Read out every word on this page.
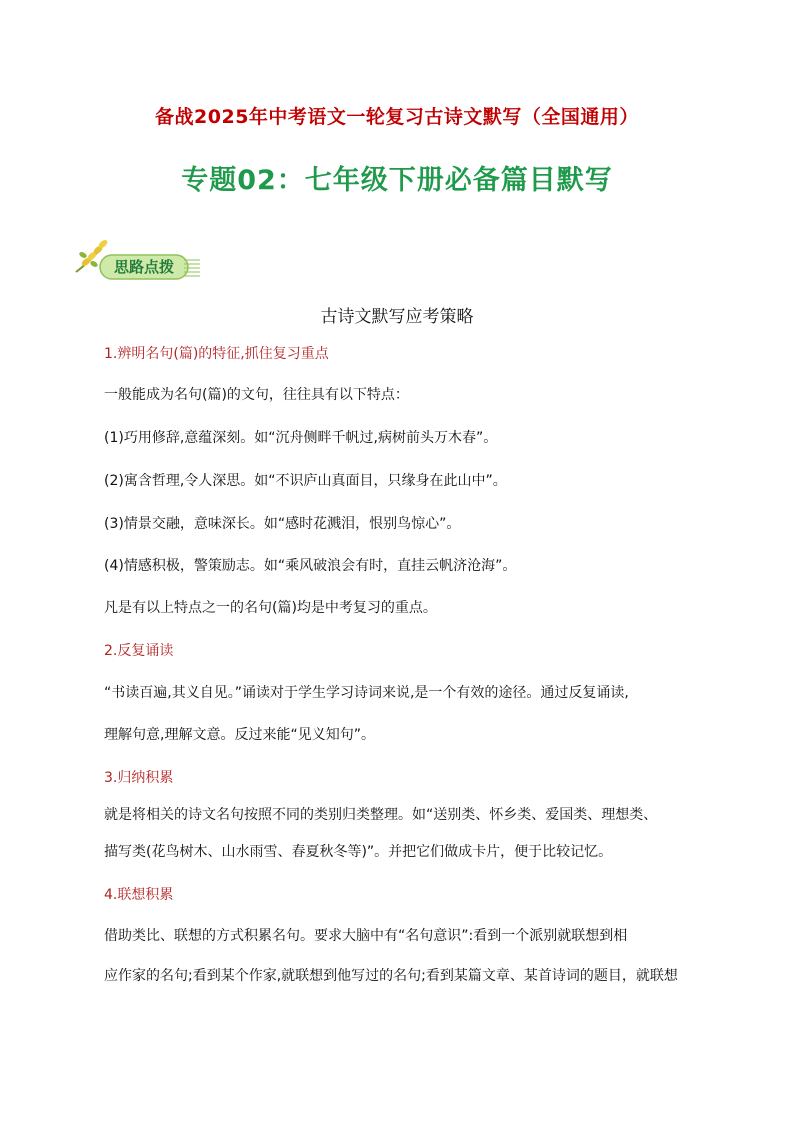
备战2025年中考语文一轮复习古诗文默写（全国通用）
专题02：七年级下册必备篇目默写
思路点拨
古诗文默写应考策略
1.辨明名句(篇)的特征,抓住复习重点
一般能成为名句(篇)的文句，往往具有以下特点：
(1)巧用修辞,意蕴深刻。如“沉舟侧畔千帆过,病树前头万木春”。
(2)寓含哲理,令人深思。如“不识庐山真面目，只缘身在此山中”。
(3)情景交融，意味深长。如“感时花溅泪，恨别鸟惊心”。
(4)情感积极，警策励志。如“乘风破浪会有时，直挂云帆济沧海”。
凡是有以上特点之一的名句(篇)均是中考复习的重点。
2.反复诵读
“书读百遍,其义自见。”诵读对于学生学习诗词来说,是一个有效的途径。通过反复诵读,
理解句意,理解文意。反过来能“见义知句”。
3.归纳积累
就是将相关的诗文名句按照不同的类别归类整理。如“送别类、怀乡类、爱国类、理想类、
描写类(花鸟树木、山水雨雪、春夏秋冬等)”。并把它们做成卡片，便于比较记忆。
4.联想积累
借助类比、联想的方式积累名句。要求大脑中有“名句意识”:看到一个派别就联想到相
应作家的名句;看到某个作家,就联想到他写过的名句;看到某篇文章、某首诗词的题目，就联想
